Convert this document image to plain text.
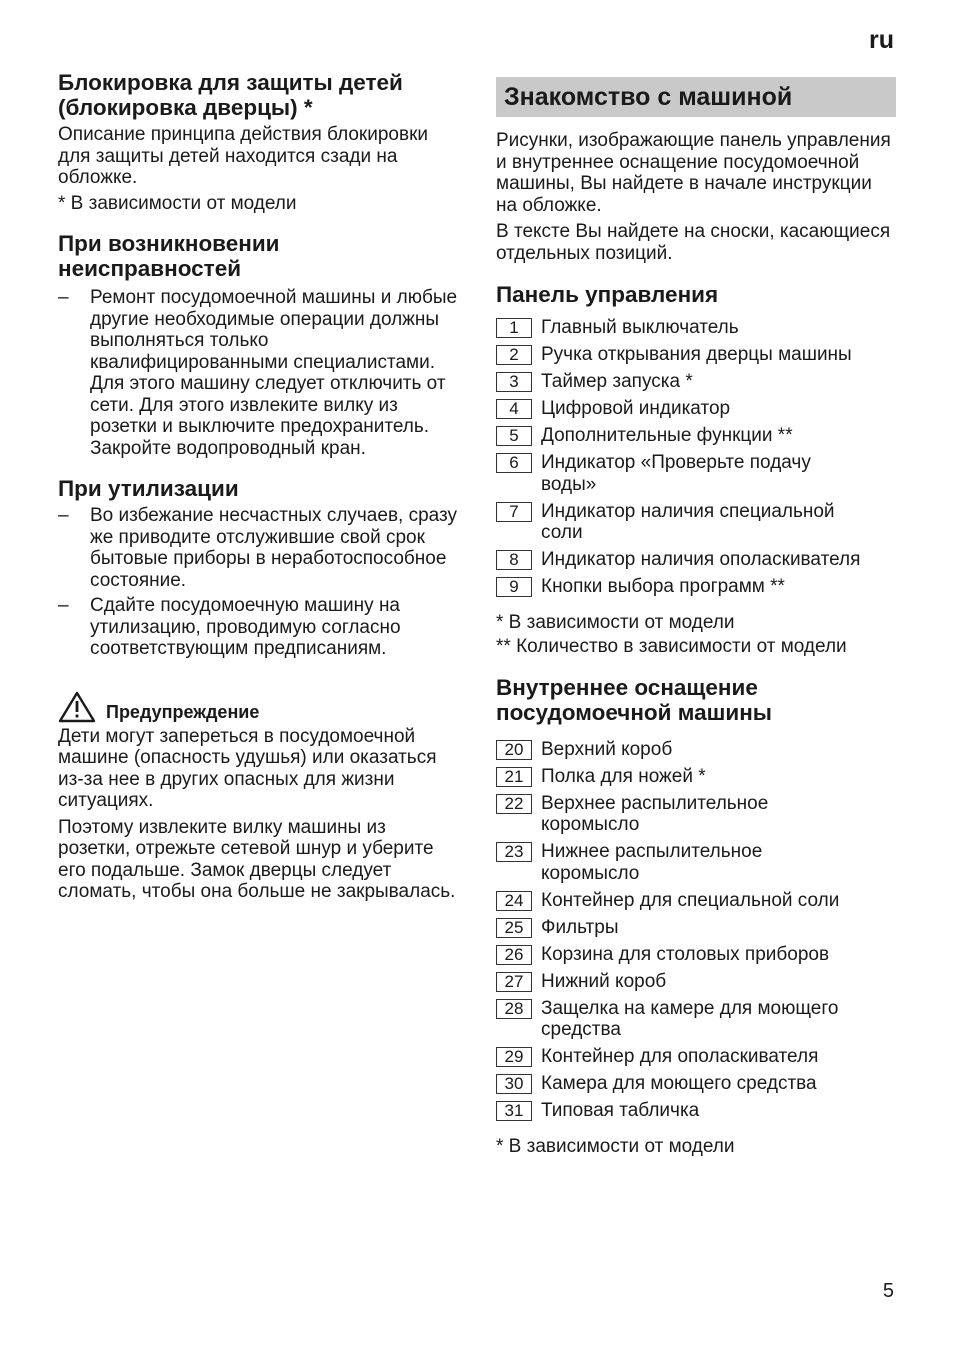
ru
Блокировка для защиты детей (блокировка дверцы) *

Описание принципа действия блокировки для защиты детей находится сзади на обложке.

* В зависимости от модели

При возникновении неисправностей
– Ремонт посудомоечной машины и любые другие необходимые операции должны выполняться только квалифицированными специалистами. Для этого машину следует отключить от сети. Для этого извлеките вилку из розетки и выключите предохранитель. Закройте водопроводный кран.
При утилизации
– Во избежание несчастных случаев, сразу же приводите отслужившие свой срок бытовые приборы в неработоспособное состояние.
– Сдайте посудомоечную машину на утилизацию, проводимую согласно соответствующим предписаниям.
Предупреждение

Дети могут запереться в посудомоечной машине (опасность удушья) или оказаться из-за нее в других опасных для жизни ситуациях.

Поэтому извлеките вилку машины из розетки, отрежьте сетевой шнур и уберите его подальше. Замок дверцы следует сломать, чтобы она больше не закрывалась.

Знакомство с машиной

Рисунки, изображающие панель управления и внутреннее оснащение посудомоечной машины, Вы найдете в начале инструкции на обложке.

В тексте Вы найдете на сноски, касающиеся отдельных позиций.

Панель управления
1	Главный выключатель
2	Ручка открывания дверцы машины
3	Таймер запуска *
4	Цифровой индикатор
5	Дополнительные функции **
6	Индикатор «Проверьте подачу воды»
7	Индикатор наличия специальной соли
8	Индикатор наличия ополаскивателя
9	Кнопки выбора программ **

* В зависимости от модели

** Количество в зависимости от модели

Внутреннее оснащение посудомоечной машины
20 Верхний короб
21 Полка для ножей *
22 Верхнее распылительное коромысло
23 Нижнее распылительное коромысло
24 Контейнер для специальной соли
25 Фильтры
26 Корзина для столовых приборов
27 Нижний короб
28 Защелка на камере для моющего средства
29 Контейнер для ополаскивателя
30 Камера для моющего средства
31 Типовая табличка

* В зависимости от модели

5
